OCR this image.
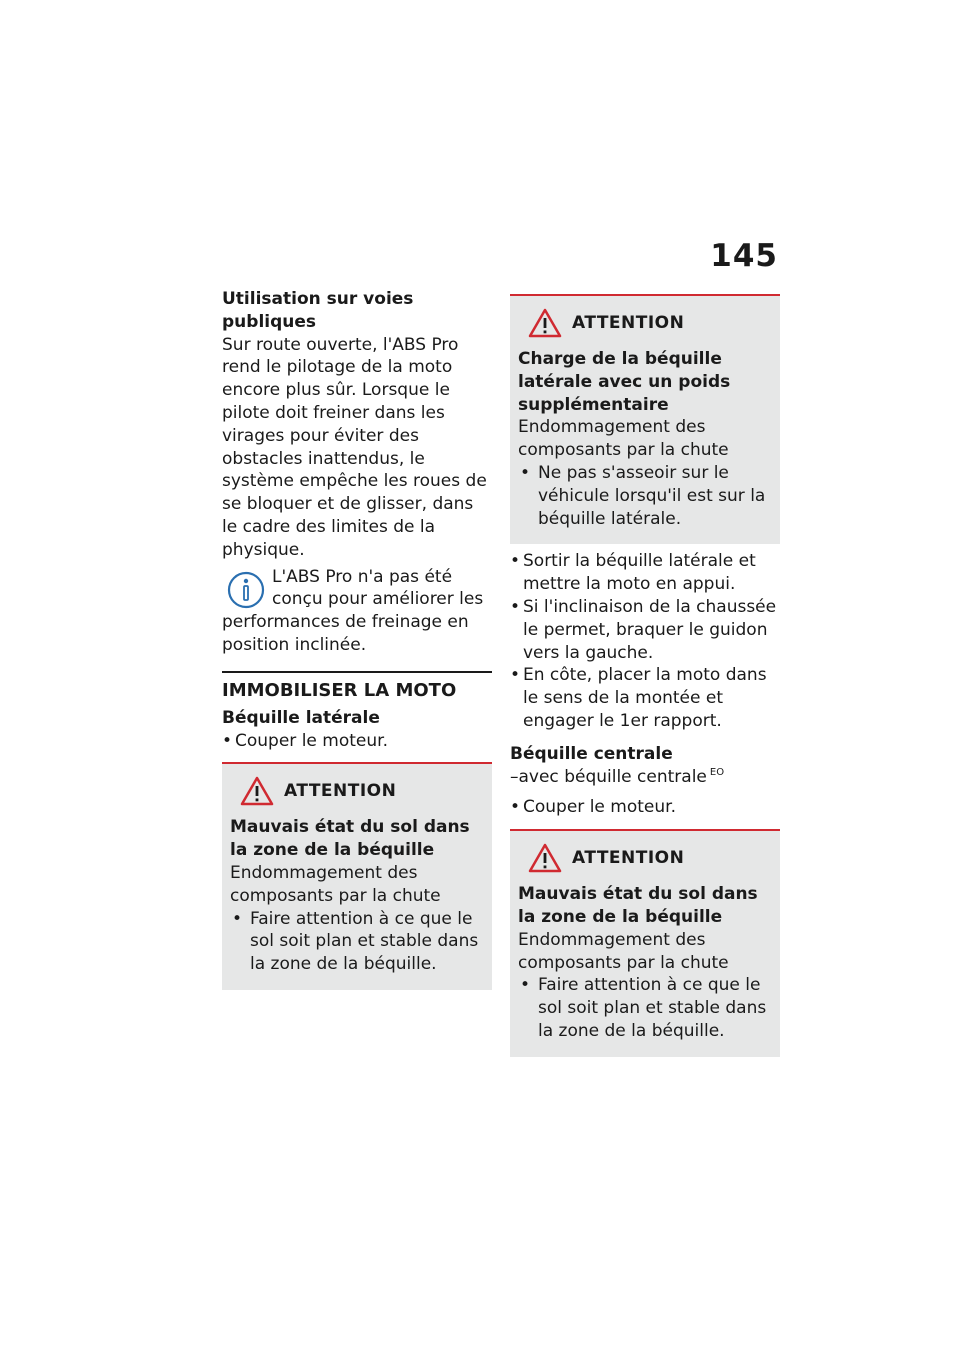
145

Utilisation sur voies publiques

Sur route ouverte, l'ABS Pro rend le pilotage de la moto encore plus sûr. Lorsque le pilote doit freiner dans les virages pour éviter des obstacles inattendus, le système empêche les roues de se bloquer et de glisser, dans le cadre des limites de la physique.

L'ABS Pro n'a pas été conçu pour améliorer les performances de freinage en position inclinée.

IMMOBILISER LA MOTO
Béquille latérale
• Couper le moteur.
ATTENTION

Mauvais état du sol dans la zone de la béquille

Endommagement des composants par la chute

• Faire attention à ce que le sol soit plan et stable dans la zone de la béquille.
ATTENTION

Charge de la béquille latérale avec un poids supplémentaire

Endommagement des composants par la chute

• Ne pas s'asseoir sur le véhicule lorsqu'il est sur la béquille latérale.
• Sortir la béquille latérale et mettre la moto en appui.
• Si l'inclinaison de la chaussée le permet, braquer le guidon vers la gauche.
• En côte, placer la moto dans le sens de la montée et engager le 1er rapport.
Béquille centrale
–avec béquille centrale $^{EO}$
• Couper le moteur.
ATTENTION

Mauvais état du sol dans la zone de la béquille

Endommagement des composants par la chute

• Faire attention à ce que le sol soit plan et stable dans la zone de la béquille.
